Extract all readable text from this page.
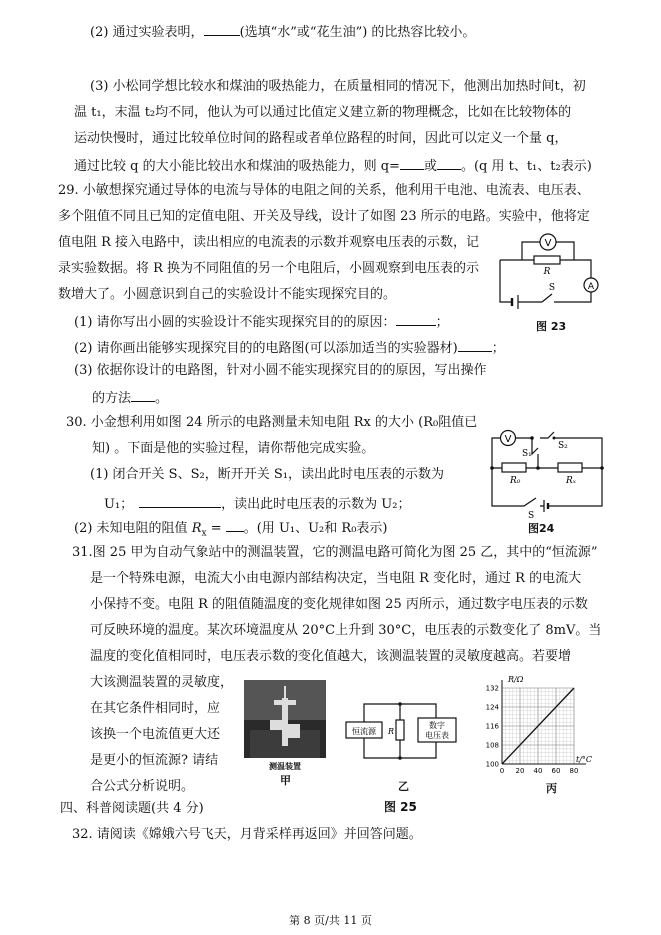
(2) 通过实验表明，	(选填“水”或“花生油”) 的比热容比较小。
(3) 小松同学想比较水和煤油的吸热能力，在质量相同的情况下，他测出加热时间t，初
温 t₁，末温 t₂均不同，他认为可以通过比值定义建立新的物理概念，比如在比较物体的
运动快慢时，通过比较单位时间的路程或者单位路程的时间，因此可以定义一个量 q，
通过比较 q 的大小能比较出水和煤油的吸热能力，则 q= 或 。(q 用 t、t₁、t₂表示)
29. 小敏想探究通过导体的电流与导体的电阻之间的关系，他利用干电池、电流表、电压表、
多个阻值不同且已知的定值电阻、开关及导线，设计了如图 23 所示的电路。实验中，他将定
值电阻 R 接入电路中，读出相应的电流表的示数并观察电压表的示数，记
录实验数据。将 R 换为不同阻值的另一个电阻后，小圆观察到电压表的示
数增大了。小圆意识到自己的实验设计不能实现探究目的。
(1) 请你写出小圆的实验设计不能实现探究目的的原因：	；
(2) 请你画出能够实现探究目的的电路图(可以添加适当的实验器材)	；
(3) 依据你设计的电路图，针对小圆不能实现探究目的的原因，写出操作
的方法 。
V
A
R
S
图 23
30. 小金想利用如图 24 所示的电路测量未知电阻 Rx 的大小 (R₀阻值已
知) 。下面是他的实验过程，请你帮他完成实验。
(1) 闭合开关 S、S₂，断开开关 S₁，读出此时电压表的示数为
U₁；	，读出此时电压表的示数为 U₂；
(2) 未知电阻的阻值 $R_x$ = 。(用 U₁、U₂和 R₀表示)
V
S₂
S₁
R₀	Rₓ
S
图24
31.图 25 甲为自动气象站中的测温装置，它的测温电路可简化为图 25 乙，其中的“恒流源”
是一个特殊电源，电流大小由电源内部结构决定，当电阻 R 变化时，通过 R 的电流大
小保持不变。电阻 R 的阻值随温度的变化规律如图 25 丙所示，通过数字电压表的示数
可反映环境的温度。某次环境温度从 20°C上升到 30°C，电压表的示数变化了 8mV。当
温度的变化值相同时，电压表示数的变化值越大，该测温装置的灵敏度越高。若要增
大该测温装置的灵敏度，
在其它条件相同时，应
该换一个电流值更大还
是更小的恒流源? 请结
合公式分析说明。
测温装置
甲
恒流源 R
数字
电压表
乙
图 25
0 20 40 60 80
100
108
116
124
132
R/Ω
t/°C
丙
四、科普阅读题(共 4 分)
32. 请阅读《嫦娥六号飞天，月背采样再返回》并回答问题。
第 8 页/共 11 页
